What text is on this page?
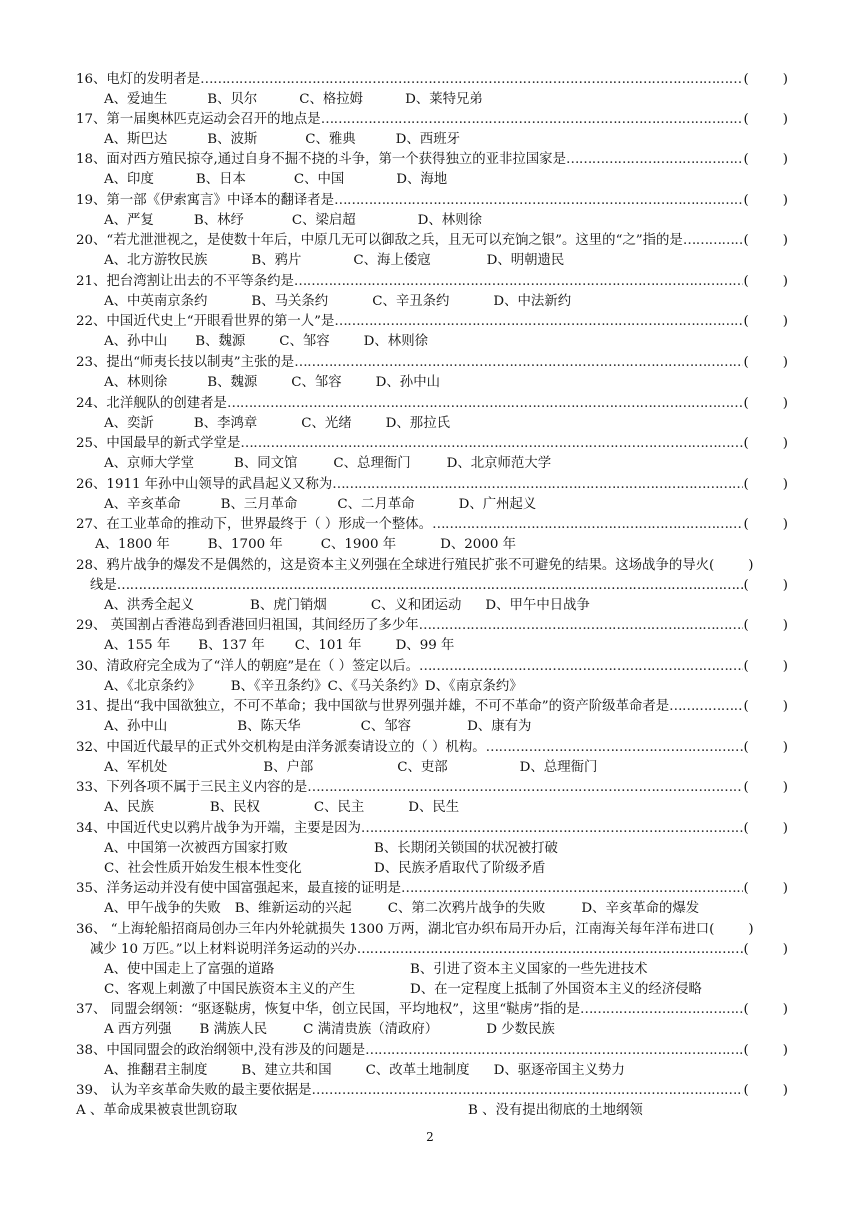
16、电灯的发明者是 ……………………………………………………………………………………………………………………………………………………………………………………	(        )
A、爱迪生	B、贝尔	C、格拉姆	D、莱特兄弟
17、第一届奥林匹克运动会召开的地点是 ……………………………………………………………………………………………………………………………………………………………………………………	(        )
A、斯巴达	B、波斯	C、雅典	D、西班牙
18、面对西方殖民掠夺,通过自身不掘不挠的斗争，第一个获得独立的亚非拉国家是 ……………………………………………………………………………………………………………………………………………………………………………………	(        )
A、印度	B、日本	C、中国	D、海地
19、第一部《伊索寓言》中译本的翻译者是 ……………………………………………………………………………………………………………………………………………………………………………………	(        )
A、严复	B、林纾	C、梁启超	D、林则徐
20、“若尤泄泄视之，是使数十年后，中原几无可以御敌之兵，且无可以充饷之银”。这里的“之”指的是 ……………………………………………………………………………………………………………………………………………………………………………………	(        )
A、北方游牧民族	B、鸦片	C、海上倭寇	D、明朝遗民
21、把台湾割让出去的不平等条约是 ……………………………………………………………………………………………………………………………………………………………………………………	(        )
A、中英南京条约	B、马关条约	C、辛丑条约	D、中法新约
22、中国近代史上“开眼看世界的第一人”是 ……………………………………………………………………………………………………………………………………………………………………………………	(        )
A、孙中山 B、魏源	C、邹容	D、林则徐
23、提出“师夷长技以制夷”主张的是 ……………………………………………………………………………………………………………………………………………………………………………………	(        )
A、林则徐	B、魏源	C、邹容	D、孙中山
24、北洋舰队的创建者是 ……………………………………………………………………………………………………………………………………………………………………………………	(        )
A、奕訢	B、李鸿章	C、光绪	D、那拉氏
25、中国最早的新式学堂是 ……………………………………………………………………………………………………………………………………………………………………………………	(        )
A、京师大学堂	B、同文馆	C、总理衙门	D、北京师范大学
26、1911 年孙中山领导的武昌起义又称为 ……………………………………………………………………………………………………………………………………………………………………………………	(        )
A、辛亥革命	B、三月革命	C、二月革命	D、广州起义
27、在工业革命的推动下，世界最终于（ ）形成一个整体。 ……………………………………………………………………………………………………………………………………………………………………………………	(        )
A、1800 年	B、1700 年	C、1900 年	D、2000 年
28、鸦片战争的爆发不是偶然的，这是资本主义列强在全球进行殖民扩张不可避免的结果。这场战争的导火 (        )
线是 ……………………………………………………………………………………………………………………………………………………………………………………	(        )
A、洪秀全起义	B、虎门销烟	C、义和团运动 D、甲午中日战争
29、 英国割占香港岛到香港回归祖国，其间经历了多少年 ……………………………………………………………………………………………………………………………………………………………………………………	(        )
A、155 年 B、137 年 C、101 年	D、99 年
30、清政府完全成为了“洋人的朝庭”是在（ ）签定以后。 ……………………………………………………………………………………………………………………………………………………………………………………	(        )
A、《北京条约》 B、《辛丑条约》C、《马关条约》D、《南京条约》
31、提出“我中国欲独立，不可不革命；我中国欲与世界列强并雄，不可不革命”的资产阶级革命者是 ……………………………………………………………………………………………………………………………………………………………………………………	(        )
A、孙中山	B、陈天华	C、邹容	D、康有为
32、中国近代最早的正式外交机构是由洋务派奏请设立的（ ）机构。 ……………………………………………………………………………………………………………………………………………………………………………………	(        )
A、军机处	B、户部	C、吏部	D、总理衙门
33、下列各项不属于三民主义内容的是 ……………………………………………………………………………………………………………………………………………………………………………………	(        )
A、民族	B、民权	C、民主	D、民生
34、中国近代史以鸦片战争为开端，主要是因为 ……………………………………………………………………………………………………………………………………………………………………………………	(        )
A、中国第一次被西方国家打败	B、长期闭关锁国的状况被打破
C、社会性质开始发生根本性变化	D、民族矛盾取代了阶级矛盾
35、洋务运动并没有使中国富强起来，最直接的证明是 ……………………………………………………………………………………………………………………………………………………………………………………	(        )
A、甲午战争的失败 B、维新运动的兴起	C、第二次鸦片战争的失败	D、辛亥革命的爆发
36、 “上海轮船招商局创办三年内外轮就损失 1300 万两，湖北官办织布局开办后，江南海关每年洋布进口 (        )
减少 10 万匹。”以上材料说明洋务运动的兴办 ……………………………………………………………………………………………………………………………………………………………………………………	(        )
A、使中国走上了富强的道路	B、引进了资本主义国家的一些先进技术
C、客观上刺激了中国民族资本主义的产生	D、在一定程度上抵制了外国资本主义的经济侵略
37、 同盟会纲领：“驱逐鞑虏，恢复中华，创立民国，平均地权”，这里“鞑虏”指的是 ……………………………………………………………………………………………………………………………………………………………………………………	(        )
A 西方列强 B 满族人民	C 满清贵族（清政府）	D 少数民族
38、中国同盟会的政治纲领中,没有涉及的问题是 ……………………………………………………………………………………………………………………………………………………………………………………	(        )
A、推翻君主制度	B、建立共和国	C、改革土地制度 D、驱逐帝国主义势力
39、 认为辛亥革命失败的最主要依据是 ……………………………………………………………………………………………………………………………………………………………………………………	(        )
A 、革命成果被袁世凯窃取	B 、没有提出彻底的土地纲领
2
